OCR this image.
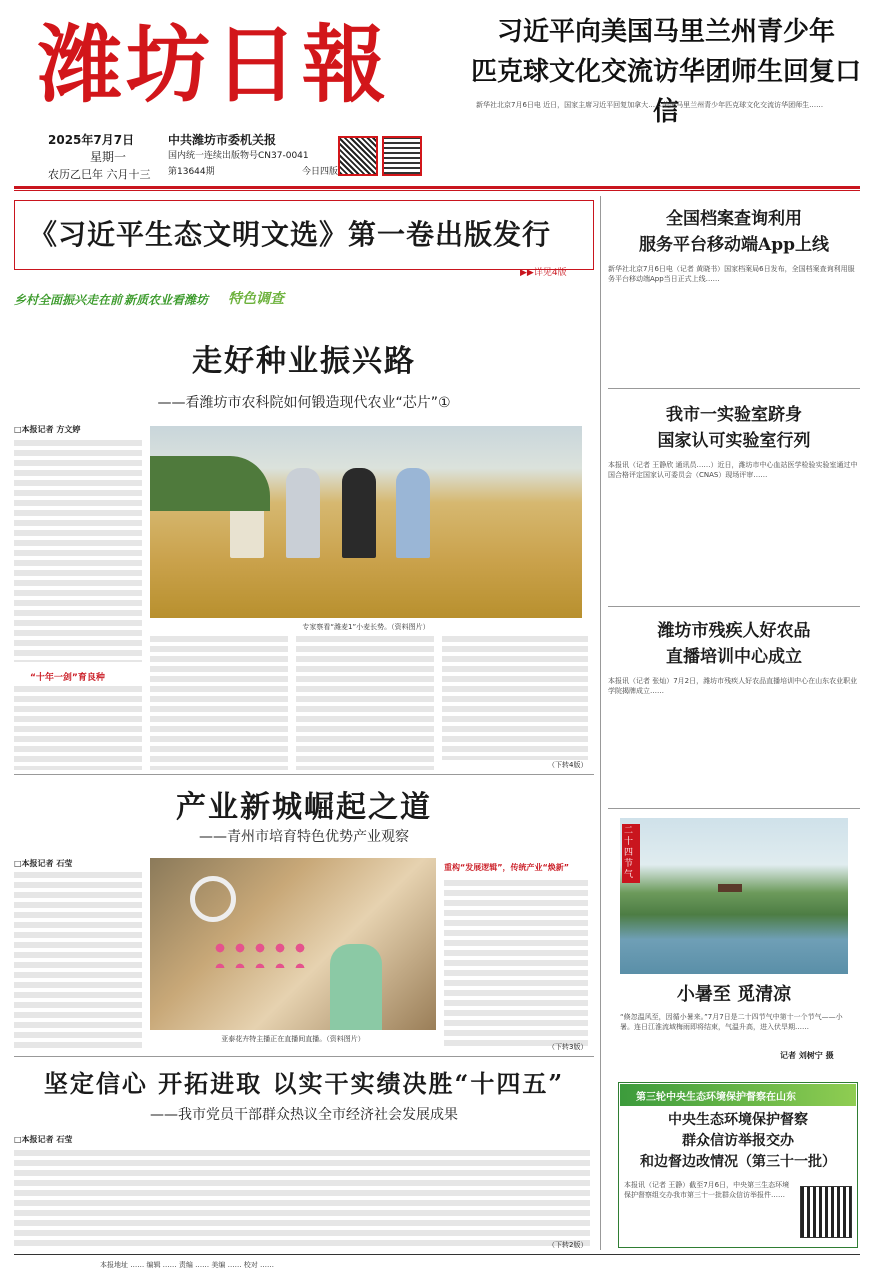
潍坊日報
2025年7月7日
星期一
农历乙巳年 六月十三
中共潍坊市委机关报
国内统一连续出版物号CN37-0041
第13644期	今日四版
习近平向美国马里兰州青少年
匹克球文化交流访华团师生回复口信
新华社北京7月6日电 近日，国家主席习近平回复加拿大……美国马里兰州青少年匹克球文化交流访华团师生……
《习近平生态文明文选》第一卷出版发行
▶▶详见4版
乡村全面振兴走在前 新质农业看潍坊 特色调查
走好种业振兴路
——看潍坊市农科院如何锻造现代农业“芯片”①
□本报记者 方文婷
专家察看“潍麦1”小麦长势。（资料图片）
“十年一剑”育良种
（下转4版）
产业新城崛起之道
——青州市培育特色优势产业观察
□本报记者 石莹
亚泰花卉特主播正在直播间直播。（资料图片）
重构“发展逻辑”，传统产业“焕新”
（下转3版）
坚定信心 开拓进取 以实干实绩决胜“十四五”
——我市党员干部群众热议全市经济社会发展成果
□本报记者 石莹
（下转2版）
全国档案查询利用
服务平台移动端App上线
新华社北京7月6日电（记者 黄晓书）国家档案局6日发布，全国档案查询利用服务平台移动端App当日正式上线……
我市一实验室跻身
国家认可实验室行列
本报讯（记者 王静欣 通讯员……）近日，潍坊市中心血站医学检验实验室通过中国合格评定国家认可委员会（CNAS）现场评审……
潍坊市残疾人好农品
直播培训中心成立
本报讯（记者 张灿）7月2日，潍坊市残疾人好农品直播培训中心在山东农业职业学院揭牌成立……
二十四节气
小暑至 觅清凉
“倏忽温风至，因循小暑来。”7月7日是二十四节气中第十一个节气——小暑。连日江淮流域梅雨即将结束，气温升高，进入伏旱期……
记者 刘树宁 摄
第三轮中央生态环境保护督察在山东
中央生态环境保护督察
群众信访举报交办
和边督边改情况（第三十一批）
本报讯（记者 王静）截至7月6日，中央第三生态环境保护督察组交办我市第三十一批群众信访举报件……
本报地址 …… 编辑 …… 责编 …… 美编 …… 校对 ……
